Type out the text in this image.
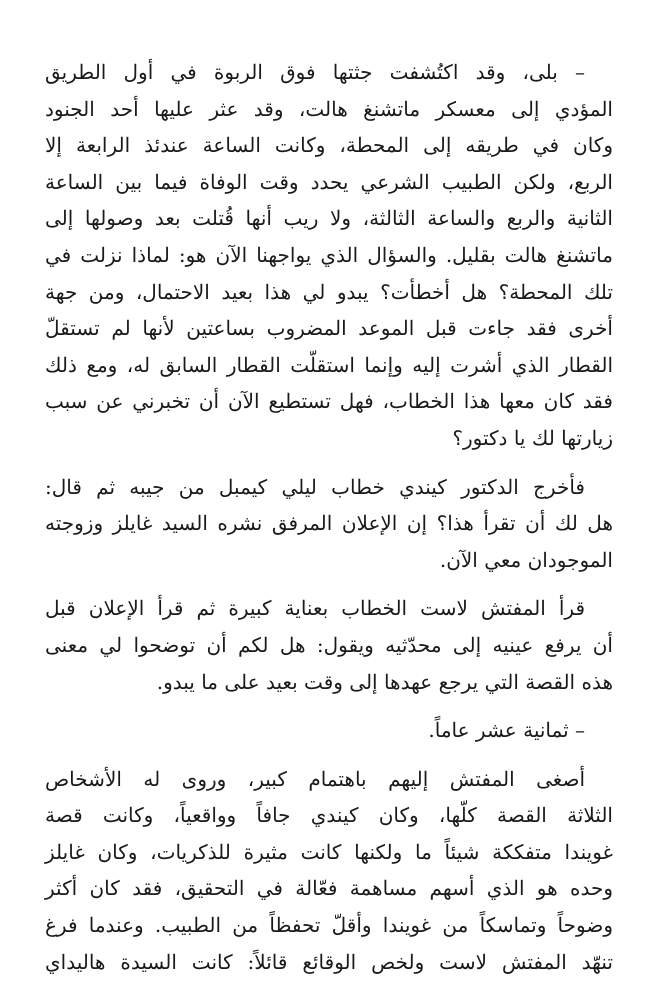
– بلى، وقد اكتُشفت جثتها فوق الربوة في أول الطريق
المؤدي إلى معسكر ماتشنغ هالت، وقد عثر عليها أحد الجنود
وكان في طريقه إلى المحطة، وكانت الساعة عندئذ الرابعة إلا
الربع، ولكن الطبيب الشرعي يحدد وقت الوفاة فيما بين الساعة
الثانية والربع والساعة الثالثة، ولا ريب أنها قُتلت بعد وصولها إلى
ماتشنغ هالت بقليل. والسؤال الذي يواجهنا الآن هو: لماذا نزلت في
تلك المحطة؟ هل أخطأت؟ يبدو لي هذا بعيد الاحتمال، ومن جهة
أخرى فقد جاءت قبل الموعد المضروب بساعتين لأنها لم تستقلّ
القطار الذي أشرت إليه وإنما استقلّت القطار السابق له، ومع ذلك
فقد كان معها هذا الخطاب، فهل تستطيع الآن أن تخبرني عن سبب
زيارتها لك يا دكتور؟
فأخرج الدكتور كيندي خطاب ليلي كيمبل من جيبه ثم قال:
هل لك أن تقرأ هذا؟ إن الإعلان المرفق نشره السيد غايلز وزوجته
الموجودان معي الآن.
قرأ المفتش لاست الخطاب بعناية كبيرة ثم قرأ الإعلان قبل
أن يرفع عينيه إلى محدّثيه ويقول: هل لكم أن توضحوا لي معنى
هذه القصة التي يرجع عهدها إلى وقت بعيد على ما يبدو.
– ثمانية عشر عاماً.
أصغى المفتش إليهم باهتمام كبير، وروى له الأشخاص
الثلاثة القصة كلّها، وكان كيندي جافاً وواقعياً، وكانت قصة
غويندا متفككة شيئاً ما ولكنها كانت مثيرة للذكريات، وكان غايلز
وحده هو الذي أسهم مساهمة فعّالة في التحقيق، فقد كان أكثر
وضوحاً وتماسكاً من غويندا وأقلّ تحفظاً من الطبيب. وعندما فرغ
تنهّد المفتش لاست ولخص الوقائع قائلاً: كانت السيدة هاليداي
